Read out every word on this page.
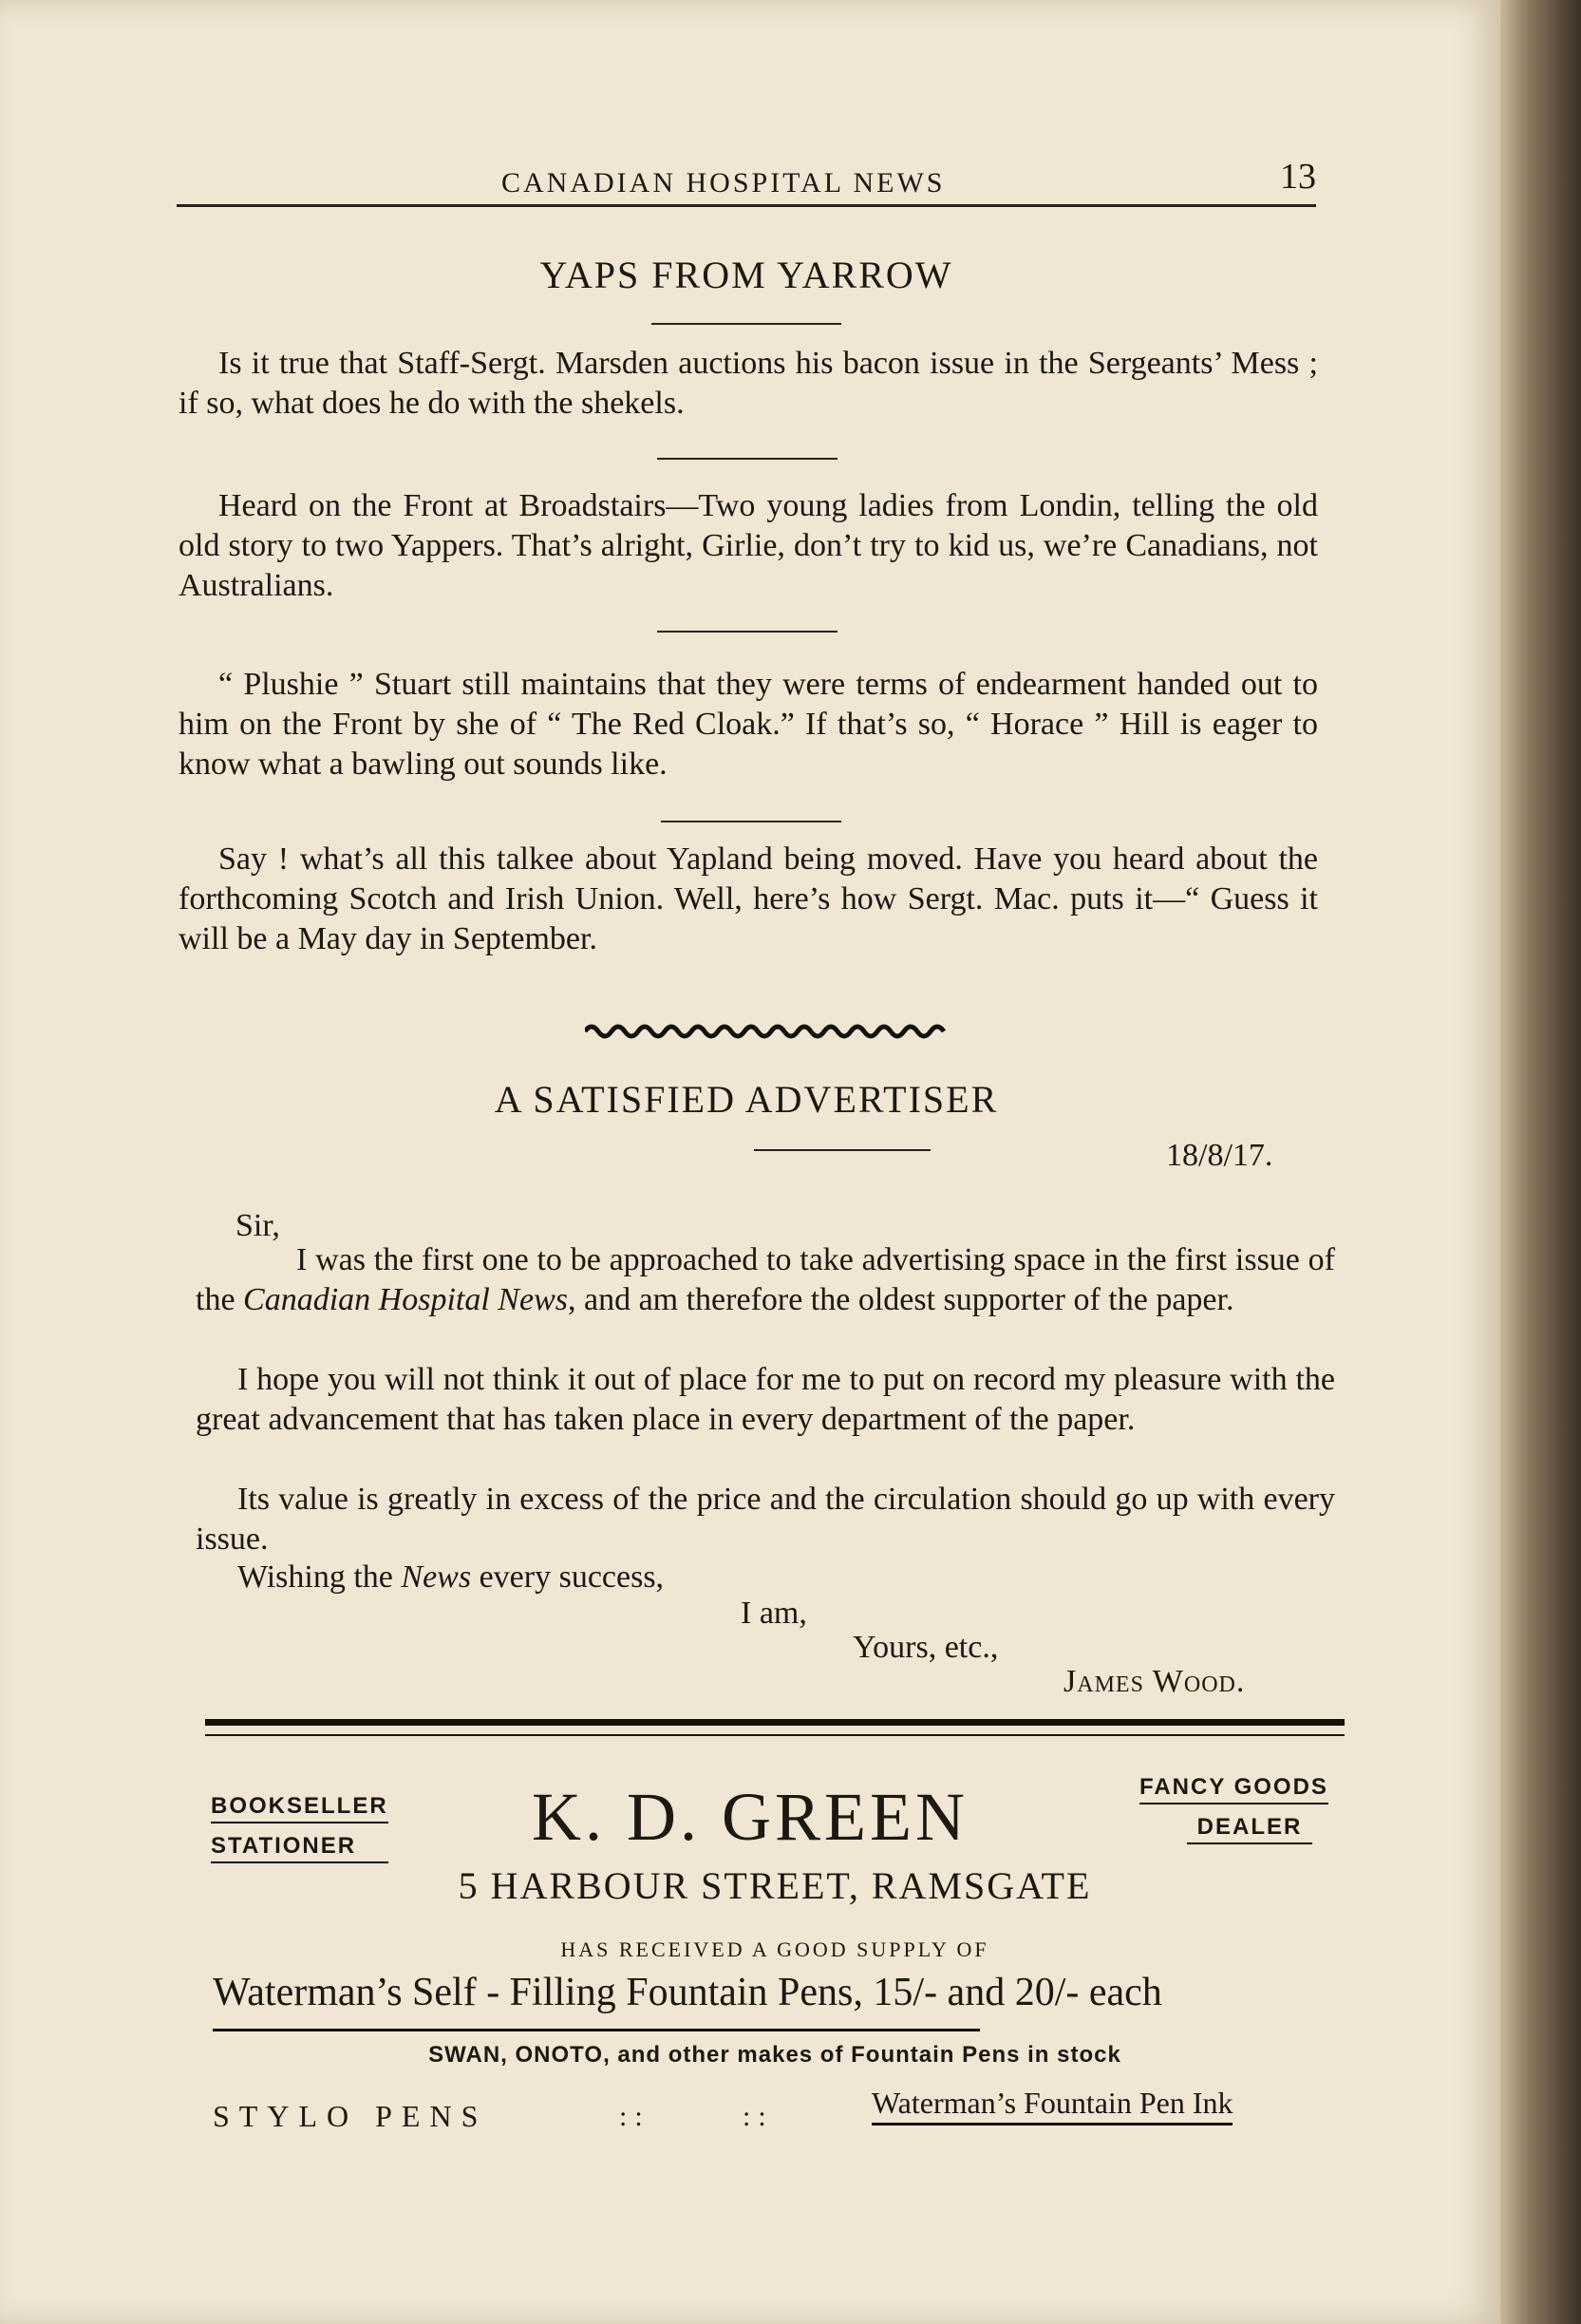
CANADIAN HOSPITAL NEWS	13
YAPS FROM YARROW

Is it true that Staff-Sergt. Marsden auctions his bacon issue in the Sergeants’ Mess ; if so, what does he do with the shekels.

Heard on the Front at Broadstairs—Two young ladies from Londin, telling the old old story to two Yappers. That’s alright, Girlie, don’t try to kid us, we’re Canadians, not Australians.

“ Plushie ” Stuart still maintains that they were terms of endearment handed out to him on the Front by she of “ The Red Cloak.” If that’s so, “ Horace ” Hill is eager to know what a bawling out sounds like.

Say ! what’s all this talkee about Yapland being moved. Have you heard about the forthcoming Scotch and Irish Union. Well, here’s how Sergt. Mac. puts it—“ Guess it will be a May day in September.

A SATISFIED ADVERTISER
18/8/17.
Sir,

I was the first one to be approached to take advertising space in the first issue of the Canadian Hospital News, and am therefore the oldest supporter of the paper.

I hope you will not think it out of place for me to put on record my pleasure with the great advancement that has taken place in every department of the paper.

Its value is greatly in excess of the price and the circulation should go up with every issue.

Wishing the News every success,

I am,
Yours, etc.,
James Wood.
BOOKSELLER
STATIONER
FANCY GOODS
DEALER
K. D. GREEN
5 HARBOUR STREET, RAMSGATE
HAS RECEIVED A GOOD SUPPLY OF
Waterman’s Self - Filling Fountain Pens, 15/- and 20/- each
SWAN, ONOTO, and other makes of Fountain Pens in stock
STYLO PENS	::	::	Waterman’s Fountain Pen Ink
